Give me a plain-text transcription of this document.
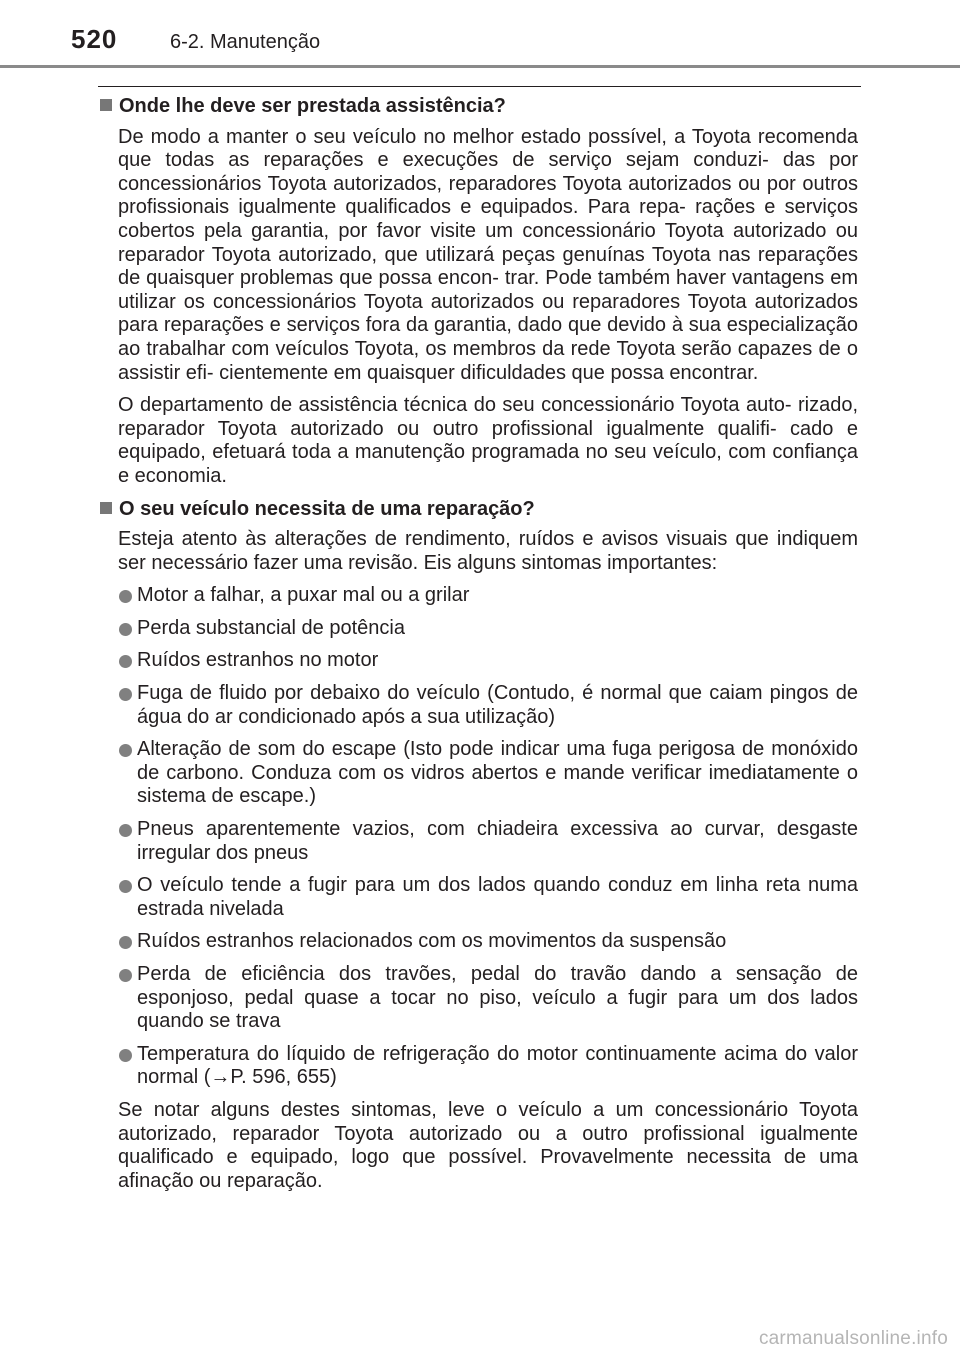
520	6-2. Manutenção
Onde lhe deve ser prestada assistência?

De modo a manter o seu veículo no melhor estado possível, a Toyota recomenda que todas as reparações e execuções de serviço sejam conduzi- das por concessionários Toyota autorizados, reparadores Toyota autorizados ou por outros profissionais igualmente qualificados e equipados. Para repa- rações e serviços cobertos pela garantia, por favor visite um concessionário Toyota autorizado ou reparador Toyota autorizado, que utilizará peças genuínas Toyota nas reparações de quaisquer problemas que possa encon- trar. Pode também haver vantagens em utilizar os concessionários Toyota autorizados ou reparadores Toyota autorizados para reparações e serviços fora da garantia, dado que devido à sua especialização ao trabalhar com veículos Toyota, os membros da rede Toyota serão capazes de o assistir efi- cientemente em quaisquer dificuldades que possa encontrar.

O departamento de assistência técnica do seu concessionário Toyota auto- rizado, reparador Toyota autorizado ou outro profissional igualmente qualifi- cado e equipado, efetuará toda a manutenção programada no seu veículo, com confiança e economia.

O seu veículo necessita de uma reparação?

Esteja atento às alterações de rendimento, ruídos e avisos visuais que indiquem ser necessário fazer uma revisão. Eis alguns sintomas importantes:

Motor a falhar, a puxar mal ou a grilar
Perda substancial de potência
Ruídos estranhos no motor
Fuga de fluido por debaixo do veículo (Contudo, é normal que caiam pingos de água do ar condicionado após a sua utilização)
Alteração de som do escape (Isto pode indicar uma fuga perigosa de monóxido de carbono. Conduza com os vidros abertos e mande verificar imediatamente o sistema de escape.)
Pneus aparentemente vazios, com chiadeira excessiva ao curvar, desgaste irregular dos pneus
O veículo tende a fugir para um dos lados quando conduz em linha reta numa estrada nivelada
Ruídos estranhos relacionados com os movimentos da suspensão
Perda de eficiência dos travões, pedal do travão dando a sensação de esponjoso, pedal quase a tocar no piso, veículo a fugir para um dos lados quando se trava
Temperatura do líquido de refrigeração do motor continuamente acima do valor normal (→P. 596, 655)

Se notar alguns destes sintomas, leve o veículo a um concessionário Toyota autorizado, reparador Toyota autorizado ou a outro profissional igualmente qualificado e equipado, logo que possível. Provavelmente necessita de uma afinação ou reparação.

carmanualsonline.info
